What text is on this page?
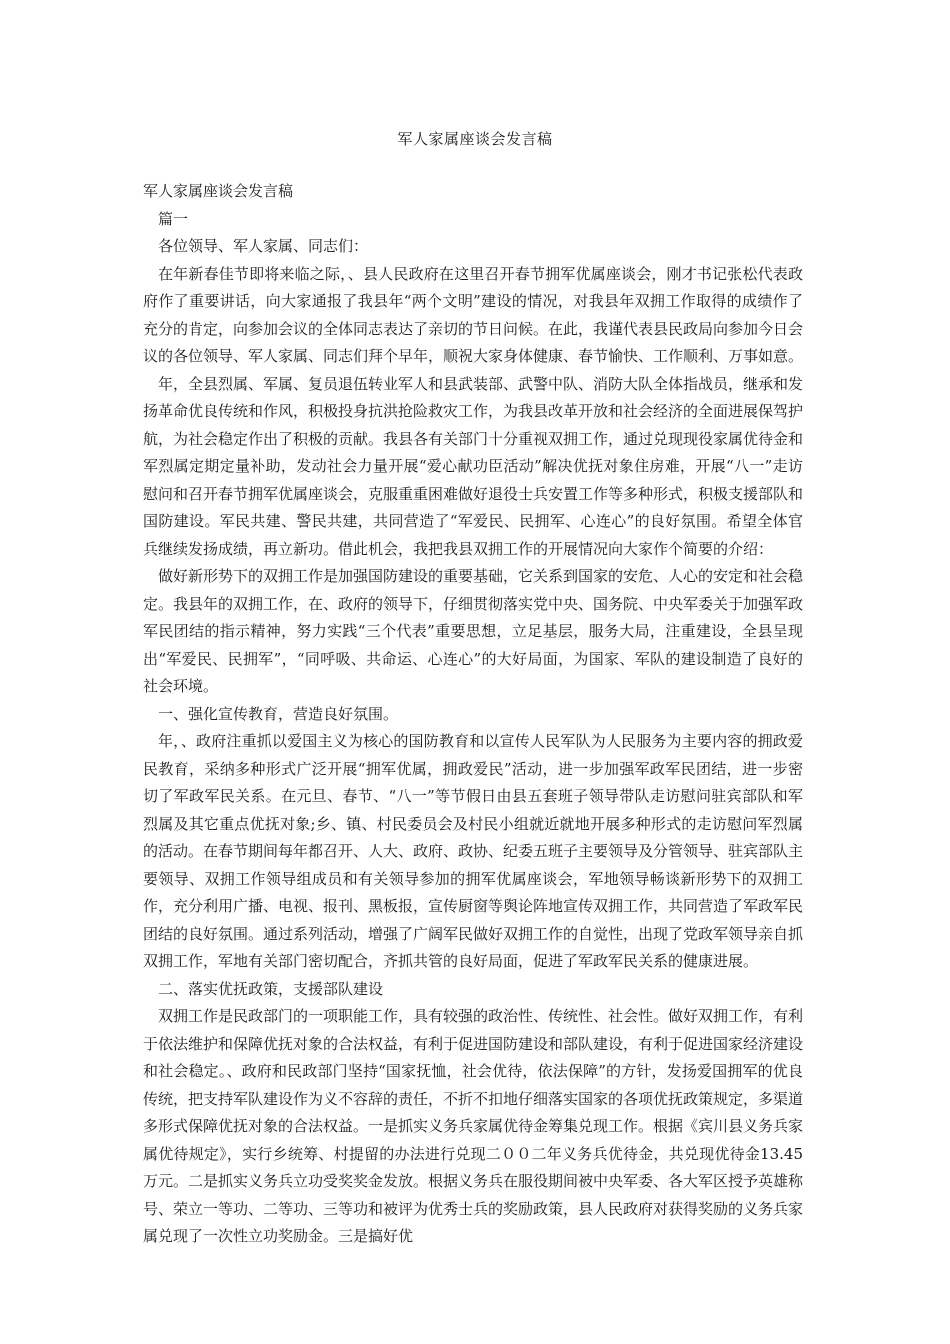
军人家属座谈会发言稿

军人家属座谈会发言稿

篇一

各位领导、军人家属、同志们：

在年新春佳节即将来临之际，、县人民政府在这里召开春节拥军优属座谈会，刚才书记张松代表政府作了重要讲话，向大家通报了我县年“两个文明”建设的情况，对我县年双拥工作取得的成绩作了充分的肯定，向参加会议的全体同志表达了亲切的节日问候。在此，我谨代表县民政局向参加今日会议的各位领导、军人家属、同志们拜个早年，顺祝大家身体健康、春节愉快、工作顺利、万事如意。

年，全县烈属、军属、复员退伍转业军人和县武装部、武警中队、消防大队全体指战员，继承和发扬革命优良传统和作风，积极投身抗洪抢险救灾工作，为我县改革开放和社会经济的全面进展保驾护航，为社会稳定作出了积极的贡献。我县各有关部门十分重视双拥工作，通过兑现现役家属优待金和军烈属定期定量补助，发动社会力量开展“爱心献功臣活动”解决优抚对象住房难，开展“八一”走访慰问和召开春节拥军优属座谈会，克服重重困难做好退役士兵安置工作等多种形式，积极支援部队和国防建设。军民共建、警民共建，共同营造了“军爱民、民拥军、心连心”的良好氛围。希望全体官兵继续发扬成绩，再立新功。借此机会，我把我县双拥工作的开展情况向大家作个简要的介绍：

做好新形势下的双拥工作是加强国防建设的重要基础，它关系到国家的安危、人心的安定和社会稳定。我县年的双拥工作，在、政府的领导下，仔细贯彻落实党中央、国务院、中央军委关于加强军政军民团结的指示精神，努力实践“三个代表”重要思想，立足基层，服务大局，注重建设，全县呈现出“军爱民、民拥军”，“同呼吸、共命运、心连心”的大好局面，为国家、军队的建设制造了良好的社会环境。

一、强化宣传教育，营造良好氛围。

年，、政府注重抓以爱国主义为核心的国防教育和以宣传人民军队为人民服务为主要内容的拥政爱民教育，采纳多种形式广泛开展“拥军优属，拥政爱民”活动，进一步加强军政军民团结，进一步密切了军政军民关系。在元旦、春节、“八一”等节假日由县五套班子领导带队走访慰问驻宾部队和军烈属及其它重点优抚对象;乡、镇、村民委员会及村民小组就近就地开展多种形式的走访慰问军烈属的活动。在春节期间每年都召开、人大、政府、政协、纪委五班子主要领导及分管领导、驻宾部队主要领导、双拥工作领导组成员和有关领导参加的拥军优属座谈会，军地领导畅谈新形势下的双拥工作，充分利用广播、电视、报刊、黑板报，宣传厨窗等舆论阵地宣传双拥工作，共同营造了军政军民团结的良好氛围。通过系列活动，增强了广阔军民做好双拥工作的自觉性，出现了党政军领导亲自抓双拥工作，军地有关部门密切配合，齐抓共管的良好局面，促进了军政军民关系的健康进展。

二、落实优抚政策，支援部队建设

双拥工作是民政部门的一项职能工作，具有较强的政治性、传统性、社会性。做好双拥工作，有利于依法维护和保障优抚对象的合法权益，有利于促进国防建设和部队建设，有利于促进国家经济建设和社会稳定。、政府和民政部门坚持“国家抚恤，社会优待，依法保障”的方针，发扬爱国拥军的优良传统，把支持军队建设作为义不容辞的责任，不折不扣地仔细落实国家的各项优抚政策规定，多渠道多形式保障优抚对象的合法权益。一是抓实义务兵家属优待金筹集兑现工作。根据《宾川县义务兵家属优待规定》，实行乡统筹、村提留的办法进行兑现二００二年义务兵优待金，共兑现优待金13.45万元。二是抓实义务兵立功受奖奖金发放。根据义务兵在服役期间被中央军委、各大军区授予英雄称号、荣立一等功、二等功、三等功和被评为优秀士兵的奖励政策，县人民政府对获得奖励的义务兵家属兑现了一次性立功奖励金。三是搞好优
